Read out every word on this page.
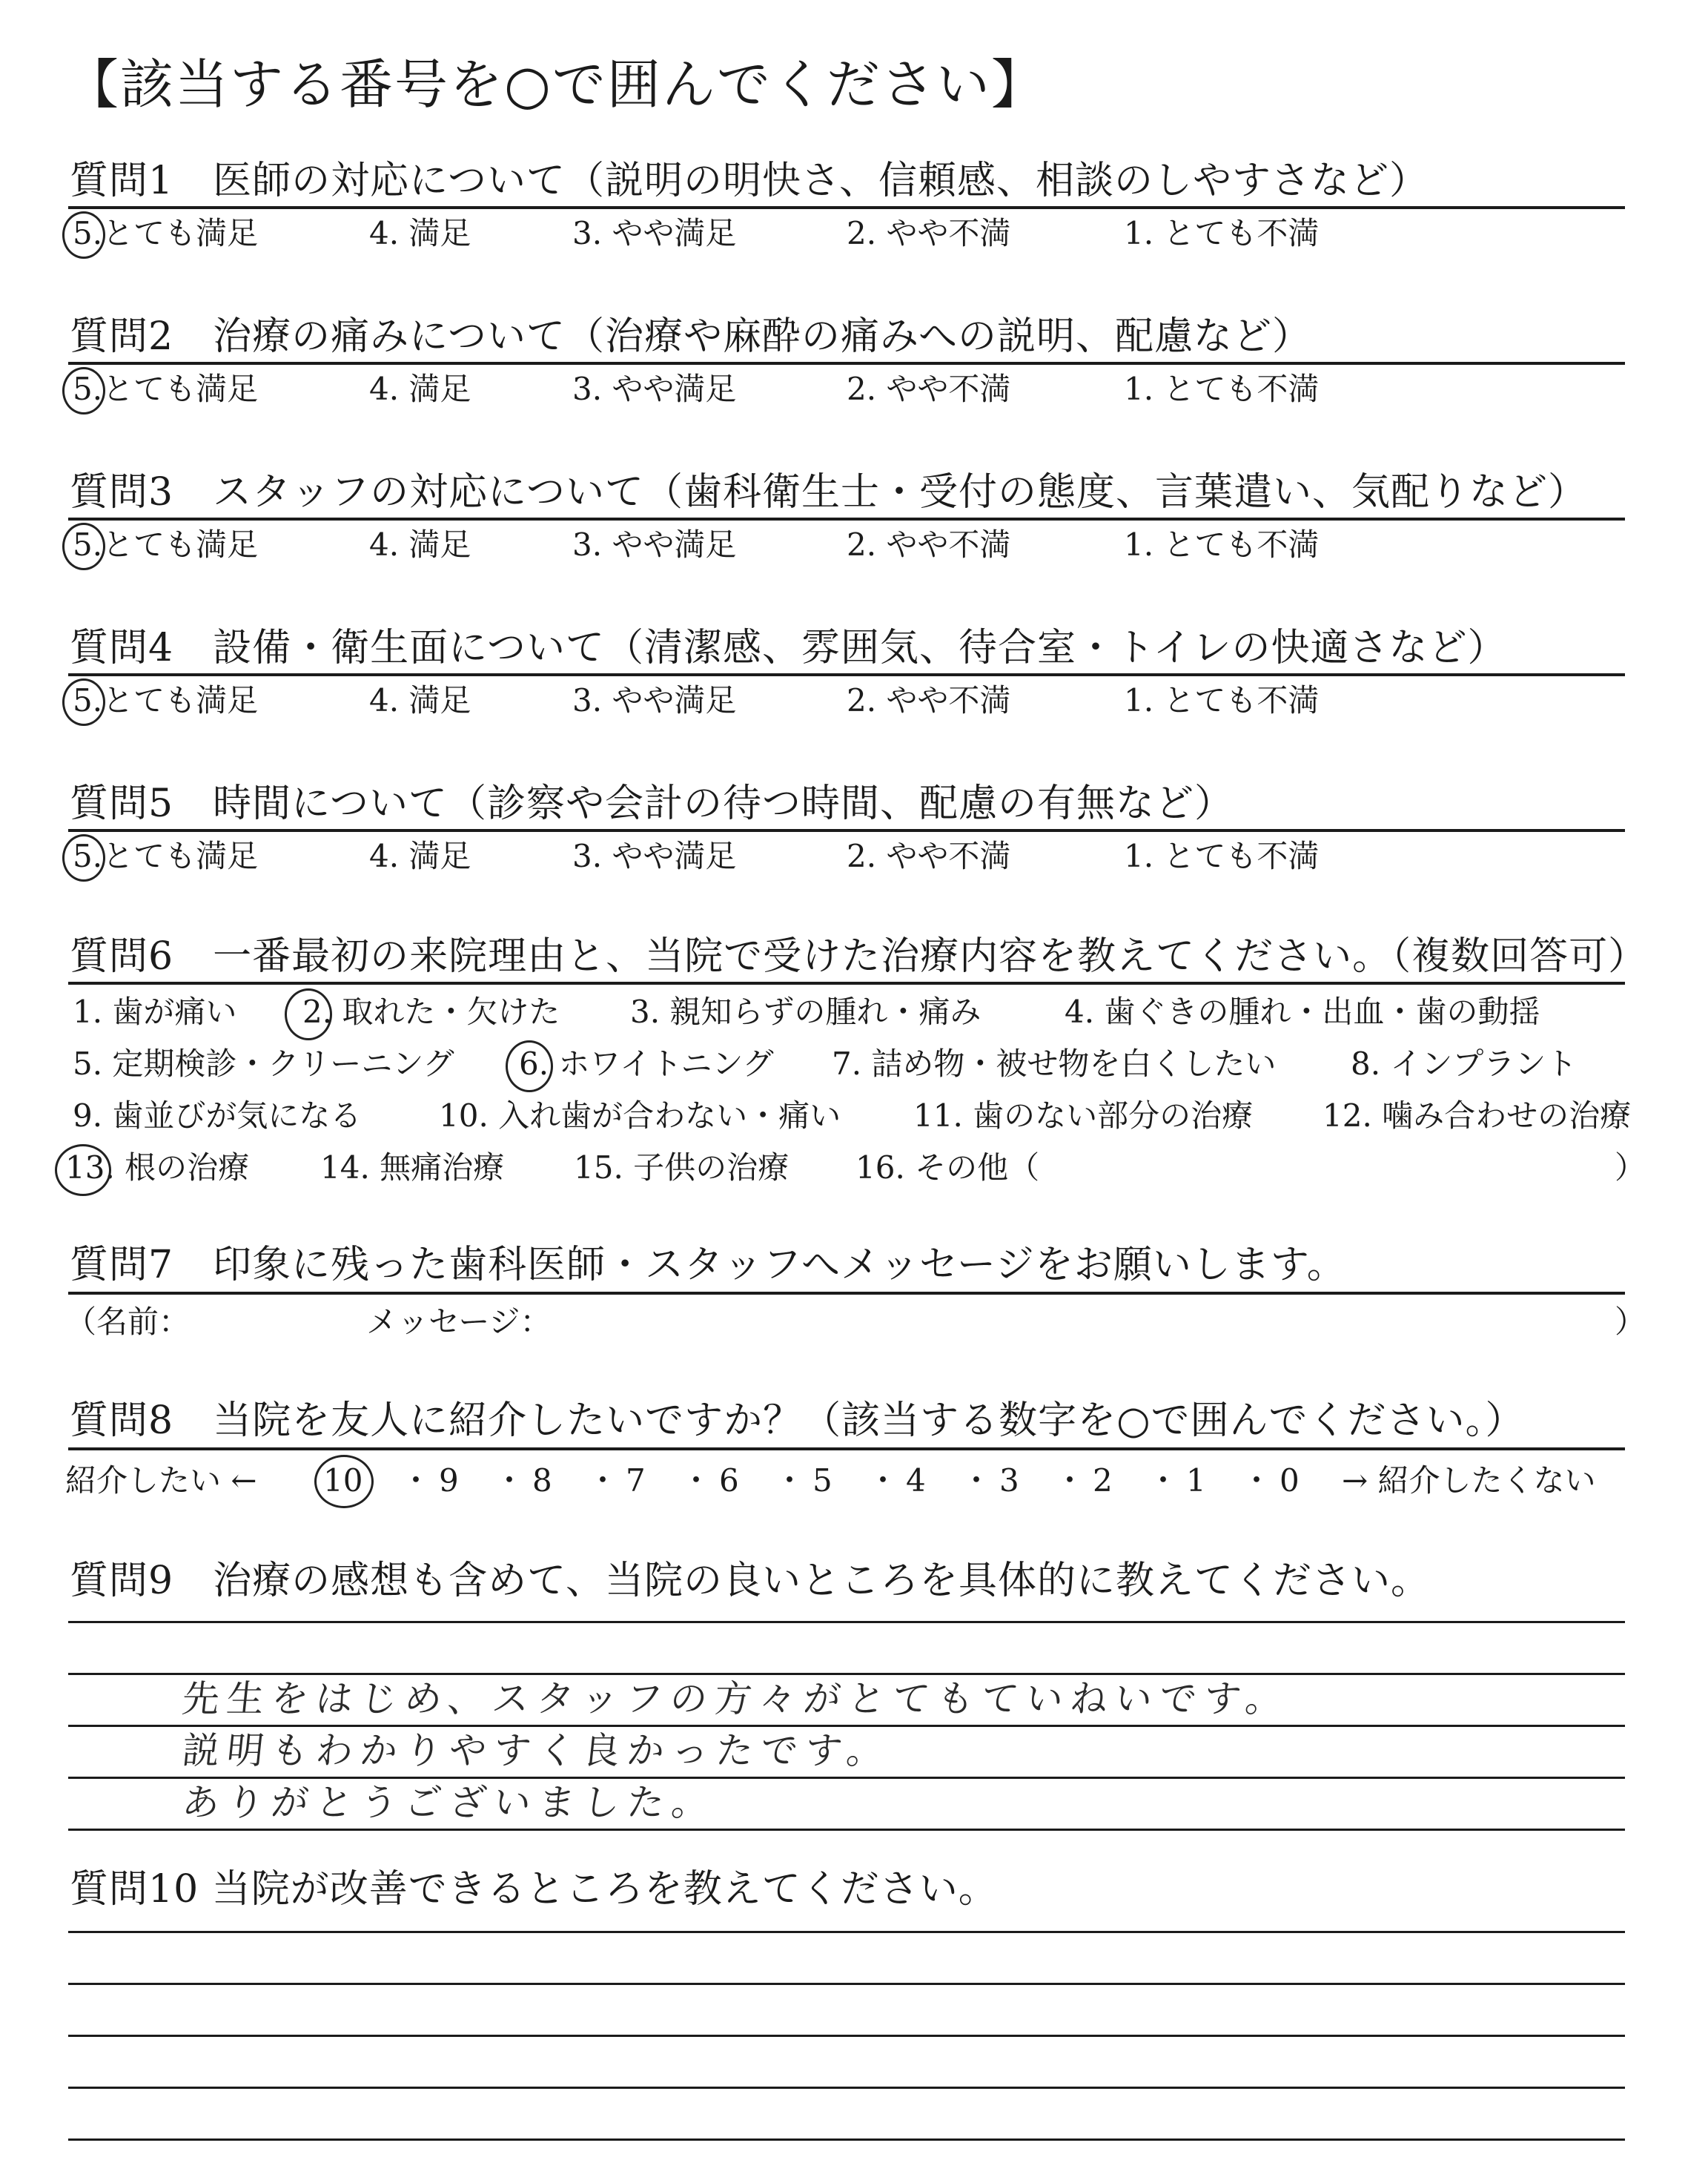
【該当する番号を○で囲んでください】
質問1　医師の対応について（説明の明快さ、信頼感、相談のしやすさなど）
5.とても満足	4. 満足	3. やや満足	2. やや不満	1. とても不満
質問2　治療の痛みについて（治療や麻酔の痛みへの説明、配慮など）
5.とても満足	4. 満足	3. やや満足	2. やや不満	1. とても不満
質問3　スタッフの対応について（歯科衛生士・受付の態度、言葉遣い、気配りなど）
5.とても満足	4. 満足	3. やや満足	2. やや不満	1. とても不満
質問4　設備・衛生面について（清潔感、雰囲気、待合室・トイレの快適さなど）
5.とても満足	4. 満足	3. やや満足	2. やや不満	1. とても不満
質問5　時間について（診察や会計の待つ時間、配慮の有無など）
5.とても満足	4. 満足	3. やや満足	2. やや不満	1. とても不満
質問6　一番最初の来院理由と、当院で受けた治療内容を教えてください。（複数回答可）
1. 歯が痛い 2. 取れた・欠けた 3. 親知らずの腫れ・痛み	4. 歯ぐきの腫れ・出血・歯の動揺
5. 定期検診・クリーニング 6. ホワイトニング 7. 詰め物・被せ物を白くしたい 8. インプラント
9. 歯並びが気になる 10. 入れ歯が合わない・痛い 11. 歯のない部分の治療 12. 噛み合わせの治療
13. 根の治療 14. 無痛治療 15. 子供の治療 16. その他（	）
質問7　印象に残った歯科医師・スタッフへメッセージをお願いします。
（名前：	メッセージ：	）
質問8　当院を友人に紹介したいですか？（該当する数字を○で囲んでください。）
紹介したい ← 10 ・ 9 ・ 8 ・ 7 ・ 6 ・ 5 ・ 4 ・ 3 ・ 2 ・ 1 ・ 0 → 紹介したくない
質問9　治療の感想も含めて、当院の良いところを具体的に教えてください。
先生をはじめ、スタッフの方々がとてもていねいです。
説明もわかりやすく良かったです。
ありがとうございました。
質問10 当院が改善できるところを教えてください。
